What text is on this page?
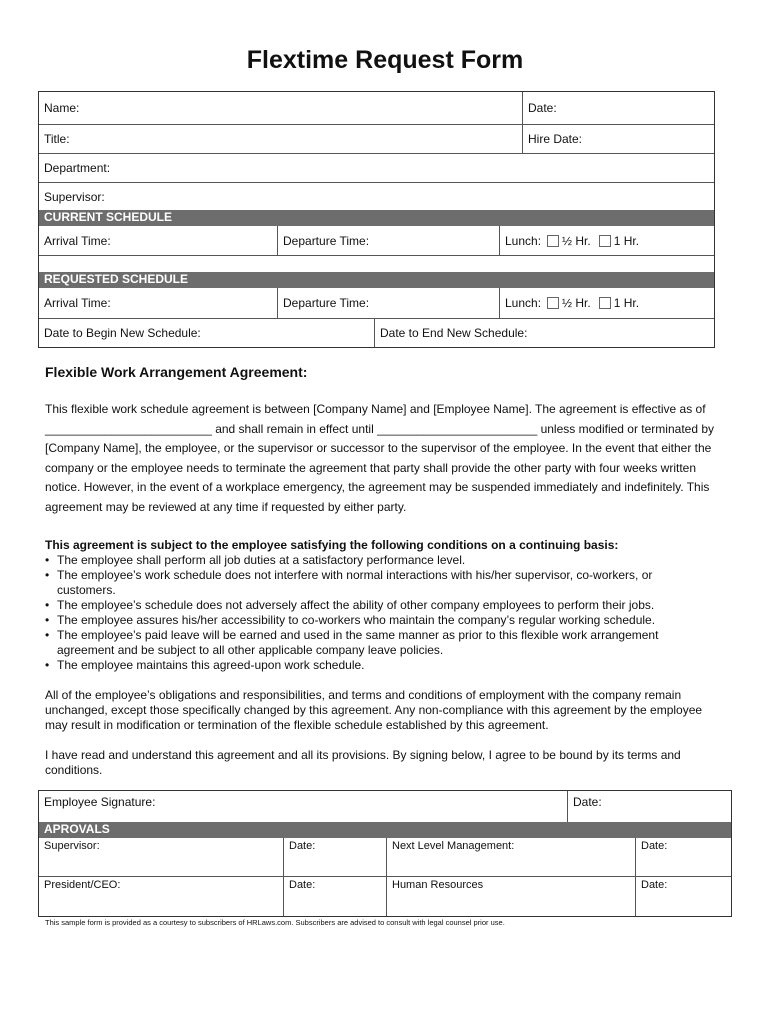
Flextime Request Form
Name:	Date:
Title:	Hire Date:
Department:
Supervisor:
CURRENT SCHEDULE
Arrival Time:	Departure Time:	Lunch: ½ Hr. 1 Hr.
REQUESTED SCHEDULE
Arrival Time:	Departure Time:	Lunch: ½ Hr. 1 Hr.
Date to Begin New Schedule:	Date to End New Schedule:
Flexible Work Arrangement Agreement:
This flexible work schedule agreement is between [Company Name] and [Employee Name]. The agreement is effective as of _________________________ and shall remain in effect until ________________________ unless modified or terminated by [Company Name], the employee, or the supervisor or successor to the supervisor of the employee. In the event that either the company or the employee needs to terminate the agreement that party shall provide the other party with four weeks written notice. However, in the event of a workplace emergency, the agreement may be suspended immediately and indefinitely. This agreement may be reviewed at any time if requested by either party.
This agreement is subject to the employee satisfying the following conditions on a continuing basis:
• The employee shall perform all job duties at a satisfactory performance level.
• The employee’s work schedule does not interfere with normal interactions with his/her supervisor, co-workers, or customers.
• The employee’s schedule does not adversely affect the ability of other company employees to perform their jobs.
• The employee assures his/her accessibility to co-workers who maintain the company’s regular working schedule.
• The employee’s paid leave will be earned and used in the same manner as prior to this flexible work arrangement agreement and be subject to all other applicable company leave policies.
• The employee maintains this agreed-upon work schedule.
All of the employee’s obligations and responsibilities, and terms and conditions of employment with the company remain unchanged, except those specifically changed by this agreement. Any non-compliance with this agreement by the employee may result in modification or termination of the flexible schedule established by this agreement.
I have read and understand this agreement and all its provisions. By signing below, I agree to be bound by its terms and conditions.
Employee Signature:	Date:
APROVALS
Supervisor:	Date:	Next Level Management:	Date:
President/CEO:	Date:	Human Resources	Date:
This sample form is provided as a courtesy to subscribers of HRLaws.com. Subscribers are advised to consult with legal counsel prior use.
